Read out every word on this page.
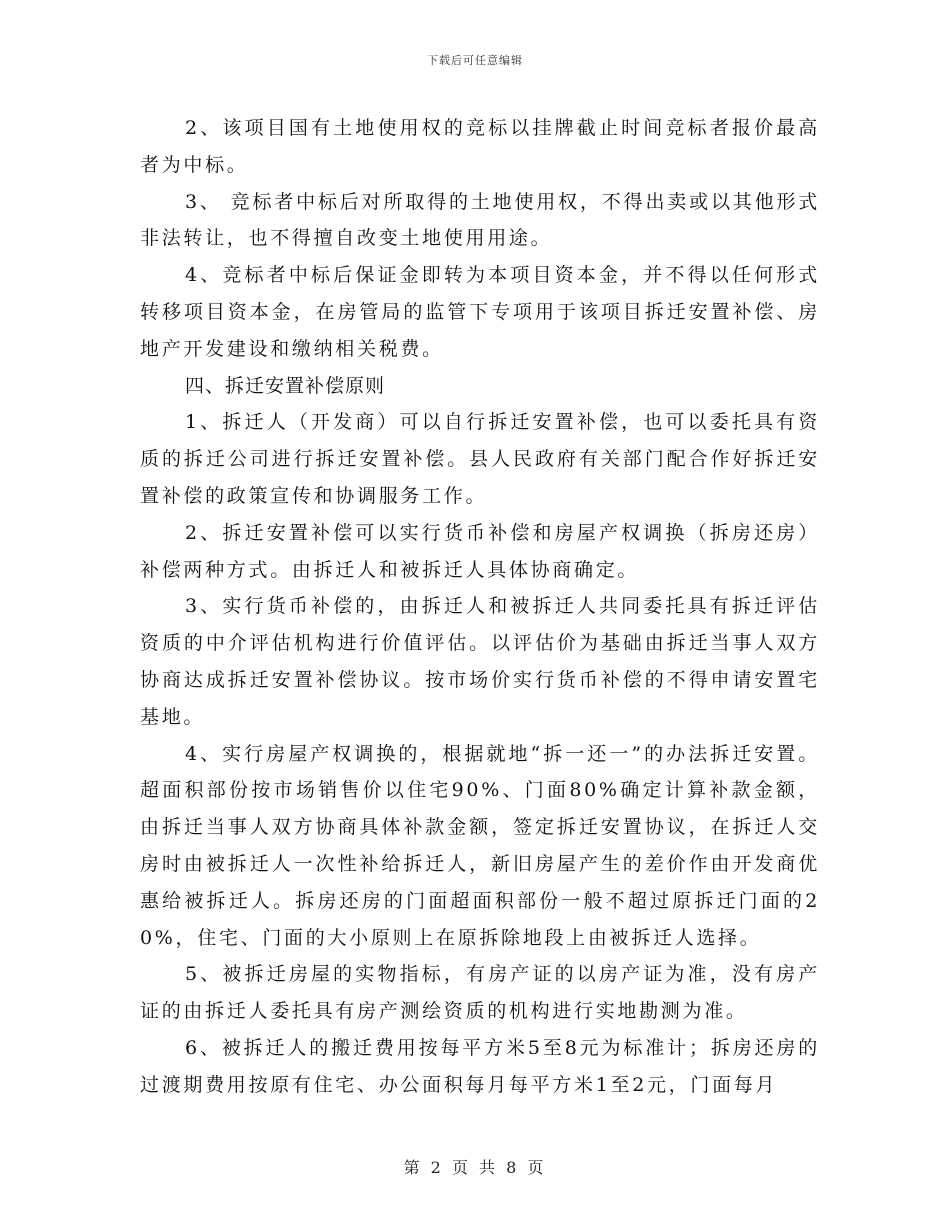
下载后可任意编辑

2、该项目国有土地使用权的竞标以挂牌截止时间竞标者报价最高者为中标。

3、 竞标者中标后对所取得的土地使用权，不得出卖或以其他形式非法转让，也不得擅自改变土地使用用途。

4、竞标者中标后保证金即转为本项目资本金，并不得以任何形式转移项目资本金，在房管局的监管下专项用于该项目拆迁安置补偿、房地产开发建设和缴纳相关税费。

四、拆迁安置补偿原则

1、拆迁人（开发商）可以自行拆迁安置补偿，也可以委托具有资质的拆迁公司进行拆迁安置补偿。县人民政府有关部门配合作好拆迁安置补偿的政策宣传和协调服务工作。

2、拆迁安置补偿可以实行货币补偿和房屋产权调换（拆房还房）补偿两种方式。由拆迁人和被拆迁人具体协商确定。

3、实行货币补偿的，由拆迁人和被拆迁人共同委托具有拆迁评估资质的中介评估机构进行价值评估。以评估价为基础由拆迁当事人双方协商达成拆迁安置补偿协议。按市场价实行货币补偿的不得申请安置宅基地。

4、实行房屋产权调换的，根据就地“拆一还一”的办法拆迁安置。超面积部份按市场销售价以住宅90%、门面80%确定计算补款金额，由拆迁当事人双方协商具体补款金额，签定拆迁安置协议，在拆迁人交房时由被拆迁人一次性补给拆迁人，新旧房屋产生的差价作由开发商优惠给被拆迁人。拆房还房的门面超面积部份一般不超过原拆迁门面的20%，住宅、门面的大小原则上在原拆除地段上由被拆迁人选择。

5、被拆迁房屋的实物指标，有房产证的以房产证为准，没有房产证的由拆迁人委托具有房产测绘资质的机构进行实地勘测为准。

6、被拆迁人的搬迁费用按每平方米5至8元为标准计；拆房还房的过渡期费用按原有住宅、办公面积每月每平方米1至2元，门面每月

第 2 页 共 8 页
